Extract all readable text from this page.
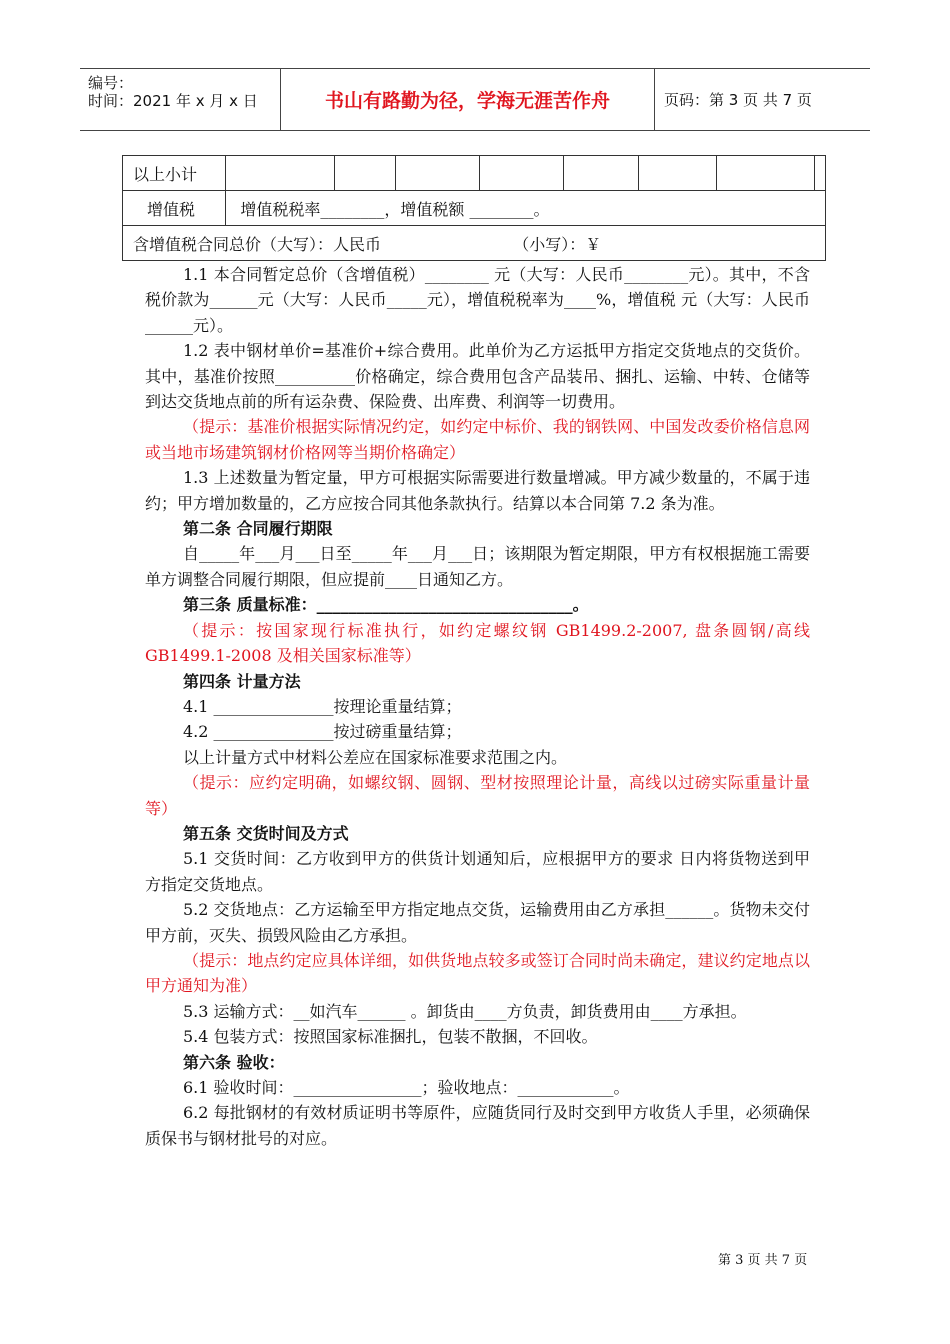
编号：
时间：2021 年 x 月 x 日	书山有路勤为径，学海无涯苦作舟	页码：第 3 页 共 7 页
以上小计								
增值税	增值税税率________，增值税额 ________。							
含增值税合同总价（大写）：人民币                          （小写）：￥								

1.1 本合同暂定总价（含增值税）________ 元（大写：人民币________元）。其中，不含税价款为______元（大写：人民币_____元），增值税税率为____%，增值税 元（大写：人民币______元）。

1.2 表中钢材单价=基准价+综合费用。此单价为乙方运抵甲方指定交货地点的交货价。其中，基准价按照__________价格确定，综合费用包含产品装吊、捆扎、运输、中转、仓储等到达交货地点前的所有运杂费、保险费、出库费、利润等一切费用。

（提示：基准价根据实际情况约定，如约定中标价、我的钢铁网、中国发改委价格信息网或当地市场建筑钢材价格网等当期价格确定）

1.3 上述数量为暂定量，甲方可根据实际需要进行数量增减。甲方减少数量的，不属于违约；甲方增加数量的，乙方应按合同其他条款执行。结算以本合同第 7.2 条为准。

第二条 合同履行期限

自_____年___月___日至_____年___月___日；该期限为暂定期限，甲方有权根据施工需要单方调整合同履行期限，但应提前____日通知乙方。

第三条 质量标准：________________________________。

（提示：按国家现行标准执行，如约定螺纹钢 GB1499.2-2007, 盘条圆钢/高线 GB1499.1-2008 及相关国家标准等）

第四条 计量方法

4.1 _______________按理论重量结算；

4.2 _______________按过磅重量结算；

以上计量方式中材料公差应在国家标准要求范围之内。

（提示：应约定明确，如螺纹钢、圆钢、型材按照理论计量，高线以过磅实际重量计量等）

第五条 交货时间及方式

5.1 交货时间：乙方收到甲方的供货计划通知后，应根据甲方的要求 日内将货物送到甲方指定交货地点。

5.2 交货地点：乙方运输至甲方指定地点交货，运输费用由乙方承担______。货物未交付甲方前，灭失、损毁风险由乙方承担。

（提示：地点约定应具体详细，如供货地点较多或签订合同时尚未确定，建议约定地点以甲方通知为准）

5.3 运输方式：__如汽车______ 。卸货由____方负责，卸货费用由____方承担。

5.4 包装方式：按照国家标准捆扎，包装不散捆，不回收。

第六条 验收：

6.1 验收时间：________________；验收地点：____________。

6.2 每批钢材的有效材质证明书等原件，应随货同行及时交到甲方收货人手里，必须确保质保书与钢材批号的对应。

第 3 页 共 7 页
